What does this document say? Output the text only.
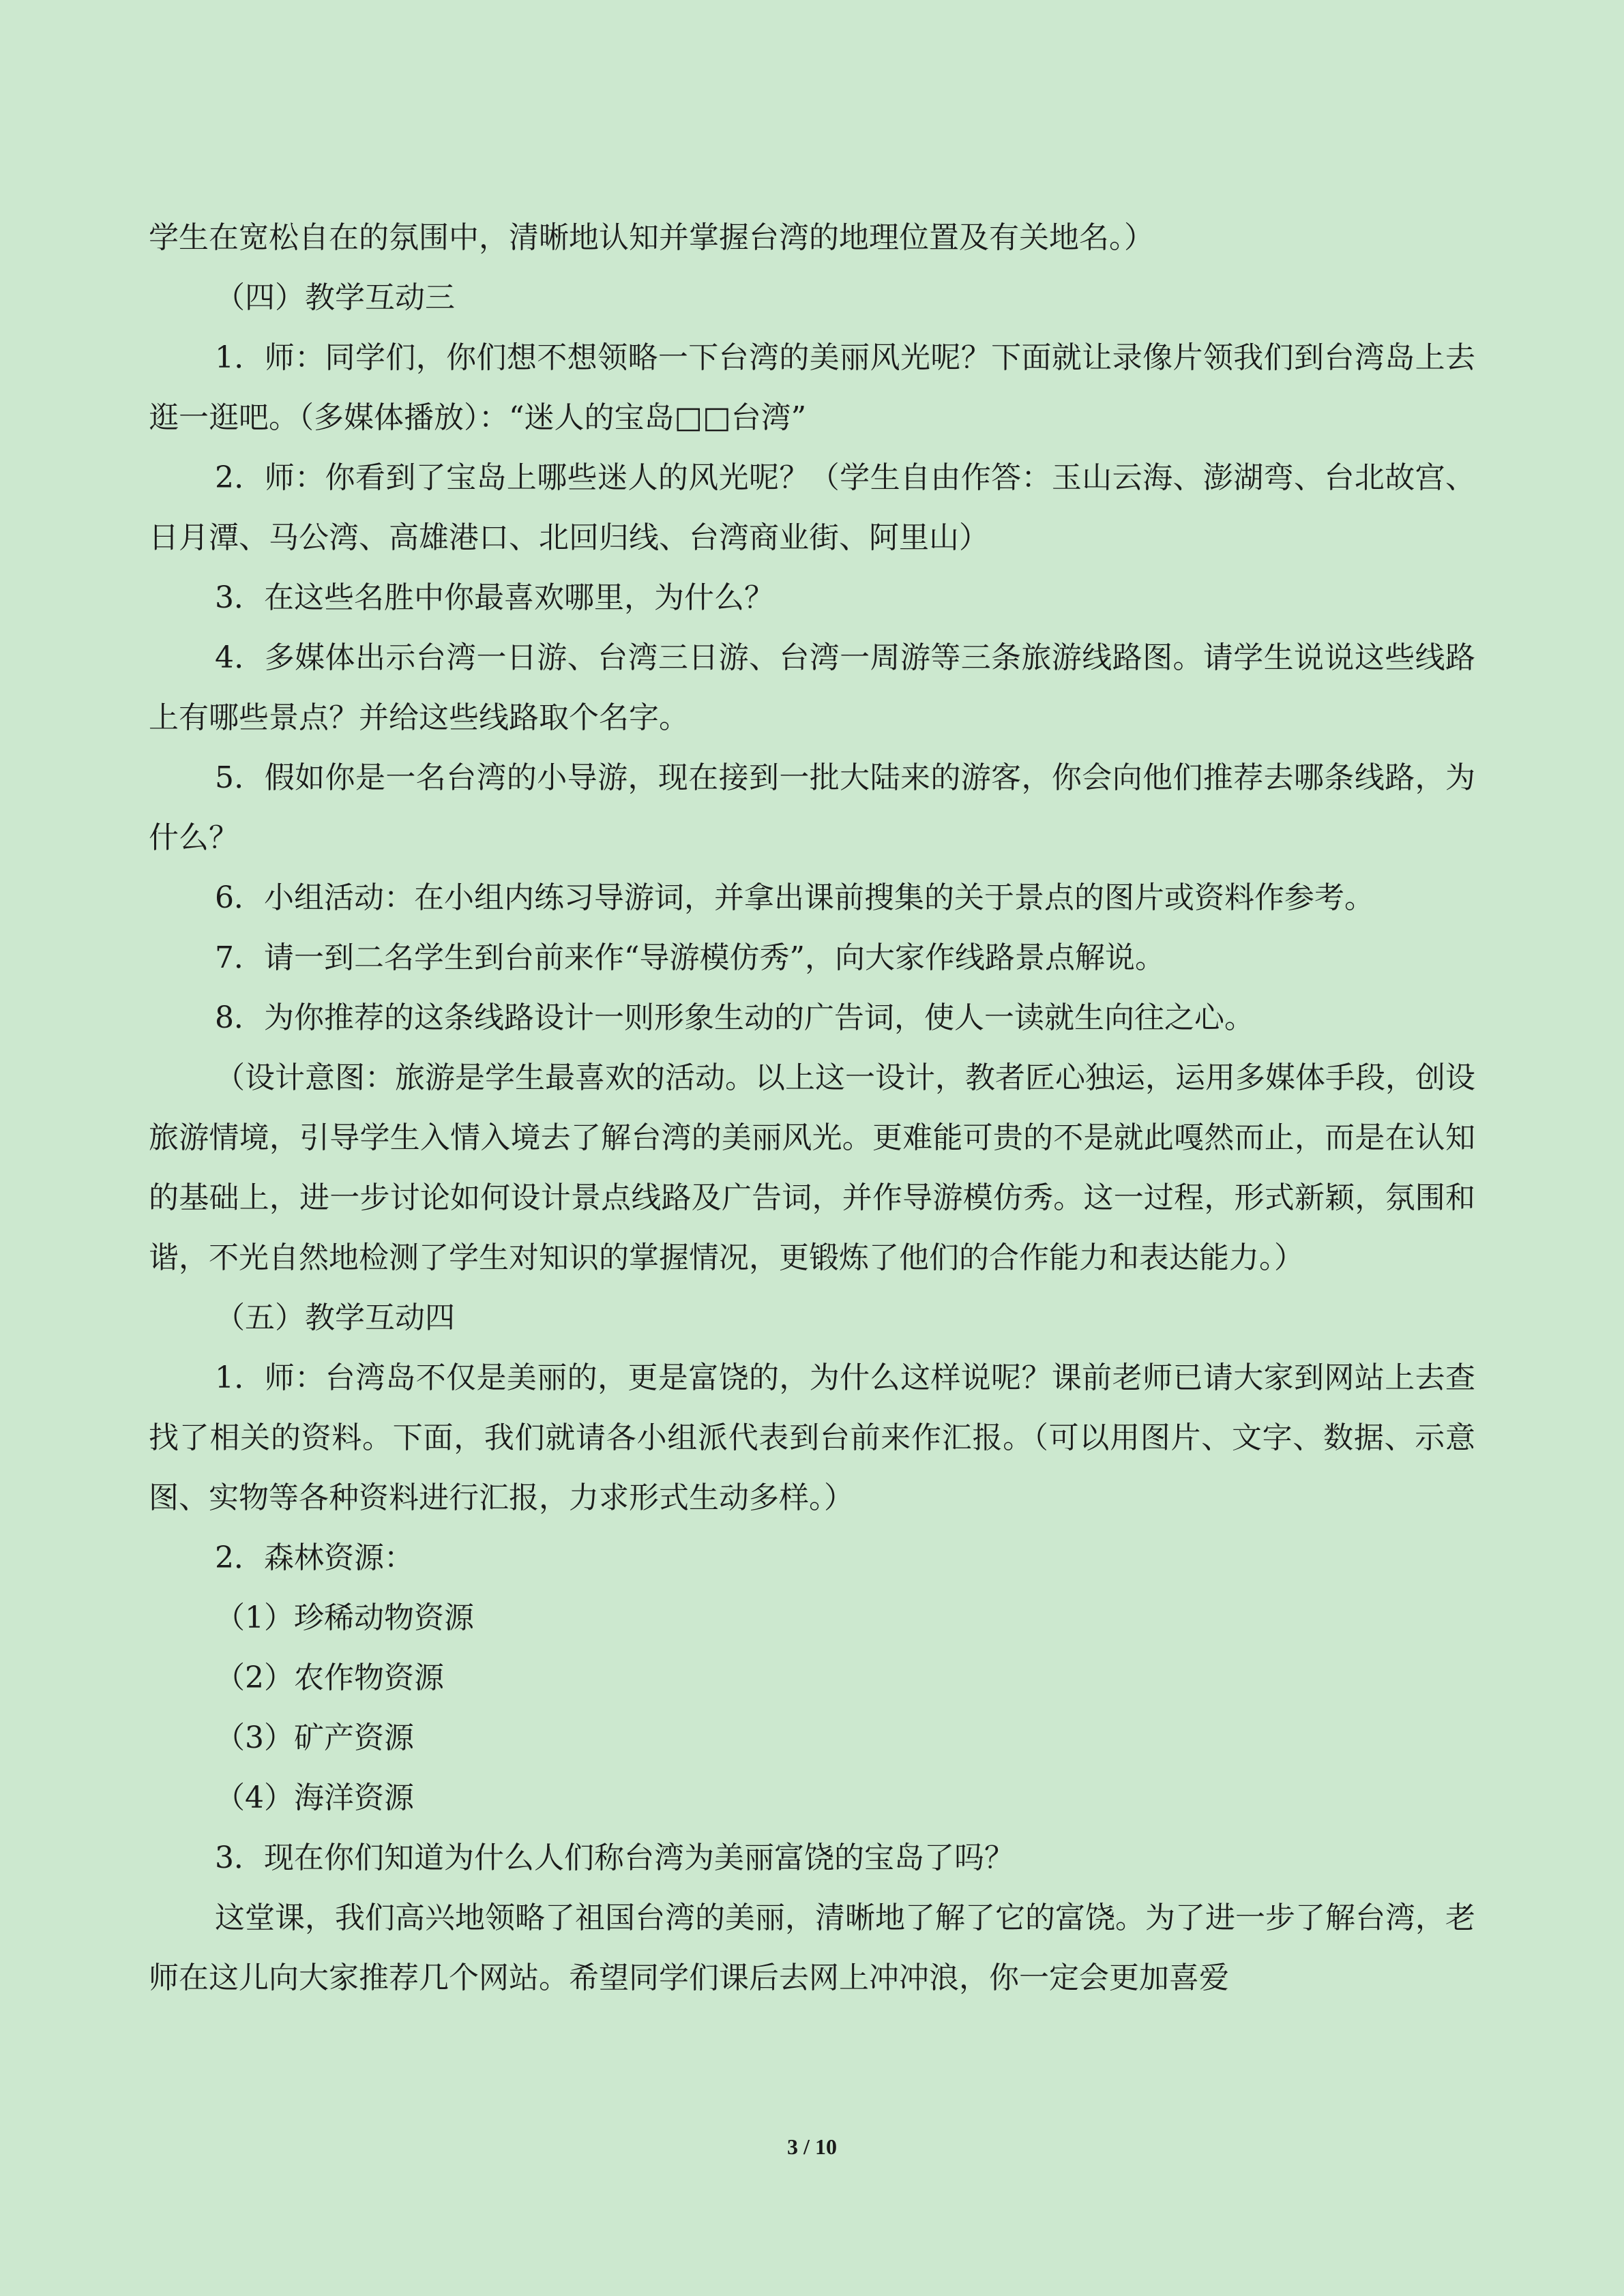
学生在宽松自在的氛围中，清晰地认知并掌握台湾的地理位置及有关地名。）

（四）教学互动三

1．师：同学们，你们想不想领略一下台湾的美丽风光呢？下面就让录像片领我们到台湾岛上去逛一逛吧。（多媒体播放）：“迷人的宝岛□□台湾”

2．师：你看到了宝岛上哪些迷人的风光呢？（学生自由作答：玉山云海、澎湖弯、台北故宫、日月潭、马公湾、高雄港口、北回归线、台湾商业街、阿里山）

3．在这些名胜中你最喜欢哪里，为什么？

4．多媒体出示台湾一日游、台湾三日游、台湾一周游等三条旅游线路图。请学生说说这些线路上有哪些景点？并给这些线路取个名字。

5．假如你是一名台湾的小导游，现在接到一批大陆来的游客，你会向他们推荐去哪条线路，为什么？

6．小组活动：在小组内练习导游词，并拿出课前搜集的关于景点的图片或资料作参考。

7．请一到二名学生到台前来作“导游模仿秀”，向大家作线路景点解说。

8．为你推荐的这条线路设计一则形象生动的广告词，使人一读就生向往之心。

（设计意图：旅游是学生最喜欢的活动。以上这一设计，教者匠心独运，运用多媒体手段，创设旅游情境，引导学生入情入境去了解台湾的美丽风光。更难能可贵的不是就此嘎然而止，而是在认知的基础上，进一步讨论如何设计景点线路及广告词，并作导游模仿秀。这一过程，形式新颖，氛围和谐，不光自然地检测了学生对知识的掌握情况，更锻炼了他们的合作能力和表达能力。）

（五）教学互动四

1．师：台湾岛不仅是美丽的，更是富饶的，为什么这样说呢？课前老师已请大家到网站上去查找了相关的资料。下面，我们就请各小组派代表到台前来作汇报。（可以用图片、文字、数据、示意图、实物等各种资料进行汇报，力求形式生动多样。）

2．森林资源：

（1）珍稀动物资源

（2）农作物资源

（3）矿产资源

（4）海洋资源

3．现在你们知道为什么人们称台湾为美丽富饶的宝岛了吗？

这堂课，我们高兴地领略了祖国台湾的美丽，清晰地了解了它的富饶。为了进一步了解台湾，老师在这儿向大家推荐几个网站。希望同学们课后去网上冲冲浪，你一定会更加喜爱

3 / 10
